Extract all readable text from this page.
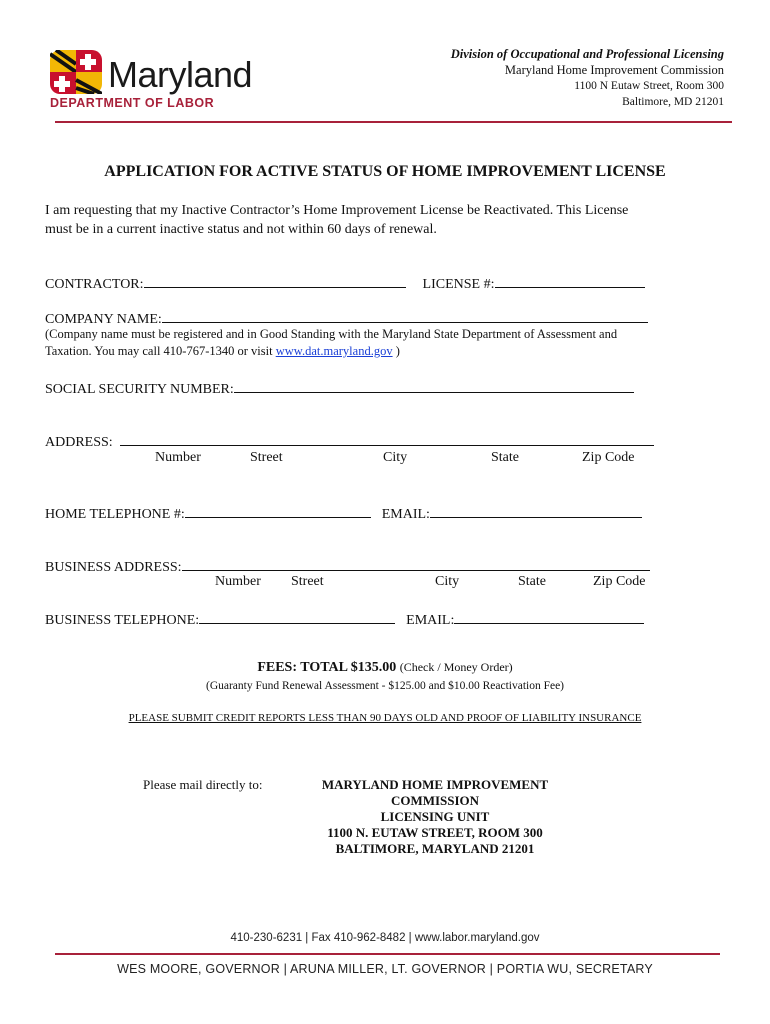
Maryland
DEPARTMENT OF LABOR
Division of Occupational and Professional Licensing
Maryland Home Improvement Commission
1100 N Eutaw Street, Room 300
Baltimore, MD 21201
APPLICATION FOR ACTIVE STATUS OF HOME IMPROVEMENT LICENSE
I am requesting that my Inactive Contractor’s Home Improvement License be Reactivated. This License must be in a current inactive status and not within 60 days of renewal.
CONTRACTOR:	LICENSE #:
COMPANY NAME:
(Company name must be registered and in Good Standing with the Maryland State Department of Assessment and
Taxation. You may call 410-767-1340 or visit www.dat.maryland.gov )
SOCIAL SECURITY NUMBER:
ADDRESS:
Number	Street	City	State	Zip Code
HOME TELEPHONE #:	EMAIL:
BUSINESS ADDRESS:
Number Street	City	State	Zip Code
BUSINESS TELEPHONE:	EMAIL:
FEES: TOTAL $135.00 (Check / Money Order)
(Guaranty Fund Renewal Assessment - $125.00 and $10.00 Reactivation Fee)
PLEASE SUBMIT CREDIT REPORTS LESS THAN 90 DAYS OLD AND PROOF OF LIABILITY INSURANCE
Please mail directly to:	MARYLAND HOME IMPROVEMENT COMMISSION
LICENSING UNIT
1100 N. EUTAW STREET, ROOM 300
BALTIMORE, MARYLAND 21201
410-230-6231 | Fax 410-962-8482 | www.labor.maryland.gov
WES MOORE, GOVERNOR | ARUNA MILLER, LT. GOVERNOR | PORTIA WU, SECRETARY
